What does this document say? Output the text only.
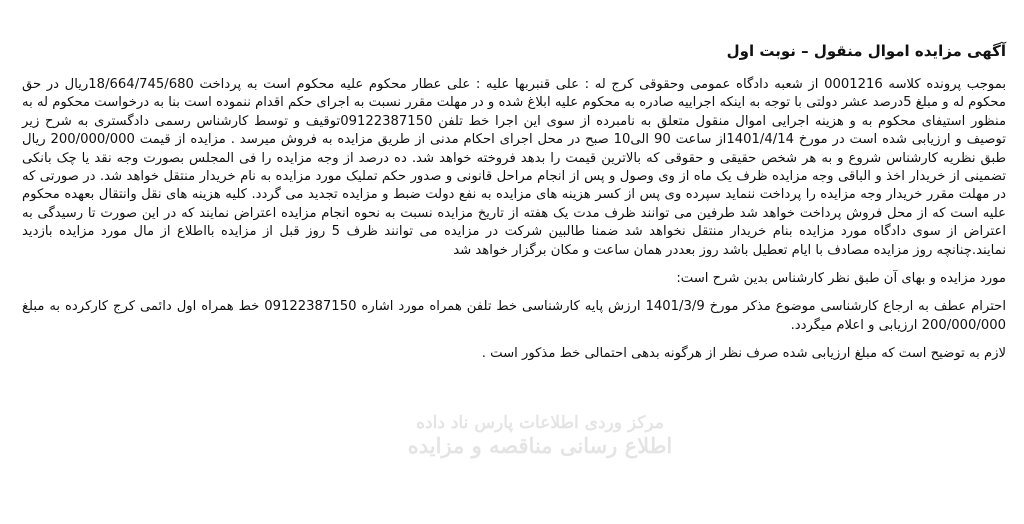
آگهی مزایده اموال منقول – نوبت اول

بموجب پرونده کلاسه 0001216 از شعبه دادگاه عمومی وحقوقی کرج له : علی قنبربها علیه : علی عطار محکوم علیه محکوم است به پرداخت 18/664/745/680ریال در حق محکوم له و مبلغ 5درصد عشر دولتی با توجه به اینکه اجراییه صادره به محکوم علیه ابلاغ شده و در مهلت مقرر نسبت به اجرای حکم اقدام ننموده است بنا به درخواست محکوم له به منظور استیفای محکوم به و هزینه اجرایی اموال منقول متعلق به نامبرده از سوی این اجرا خط تلفن 09122387150توقیف و توسط کارشناس رسمی دادگستری به شرح زیر توصیف و ارزیابی شده است در مورخ 1401/4/14از ساعت 90 الی10 صبح در محل اجرای احکام مدنی از طریق مزایده به فروش میرسد . مزایده از قیمت 200/000/000 ریال طبق نظریه کارشناس شروع و به هر شخص حقیقی و حقوقی که بالاترین قیمت را بدهد فروخته خواهد شد. ده درصد از وجه مزایده را فی المجلس بصورت وجه نقد یا چک بانکی تضمینی از خریدار اخذ و الباقی وجه مزایده ظرف یک ماه از وی وصول و پس از انجام مراحل قانونی و صدور حکم تملیک مورد مزایده به نام خریدار منتقل خواهد شد. در صورتی که در مهلت مقرر خریدار وجه مزایده را پرداخت ننماید سپرده وی پس از کسر هزینه های مزایده به نفع دولت ضبط و مزایده تجدید می گردد. کلیه هزینه های نقل وانتقال بعهده محکوم علیه است که از محل فروش پرداخت خواهد شد طرفین می توانند ظرف مدت یک هفته از تاریخ مزایده نسبت به نحوه انجام مزایده اعتراض نمایند که در این صورت تا رسیدگی به اعتراض از سوی دادگاه مورد مزایده بنام خریدار منتقل نخواهد شد ضمنا طالبین شرکت در مزایده می توانند ظرف 5 روز قبل از مزایده بااطلاع از مال مورد مزایده بازدید نمایند.چنانچه روز مزایده مصادف با ایام تعطیل باشد روز بعددر همان ساعت و مکان برگزار خواهد شد

مورد مزایده و بهای آن طبق نظر کارشناس بدین شرح است:

احترام عطف به ارجاع کارشناسی موضوع مذکر مورخ 1401/3/9 ارزش پایه کارشناسی خط تلفن همراه مورد اشاره 09122387150 خط همراه اول دائمی کرج کارکرده به مبلغ 200/000/000 ارزیابی و اعلام میگردد.

لازم به توضیح است که مبلغ ارزیابی شده صرف نظر از هرگونه بدهی احتمالی خط مذکور است .

مرکز وردی اطلاعات پارس ناد داده
اطلاع رسانی مناقصه و مزایده
